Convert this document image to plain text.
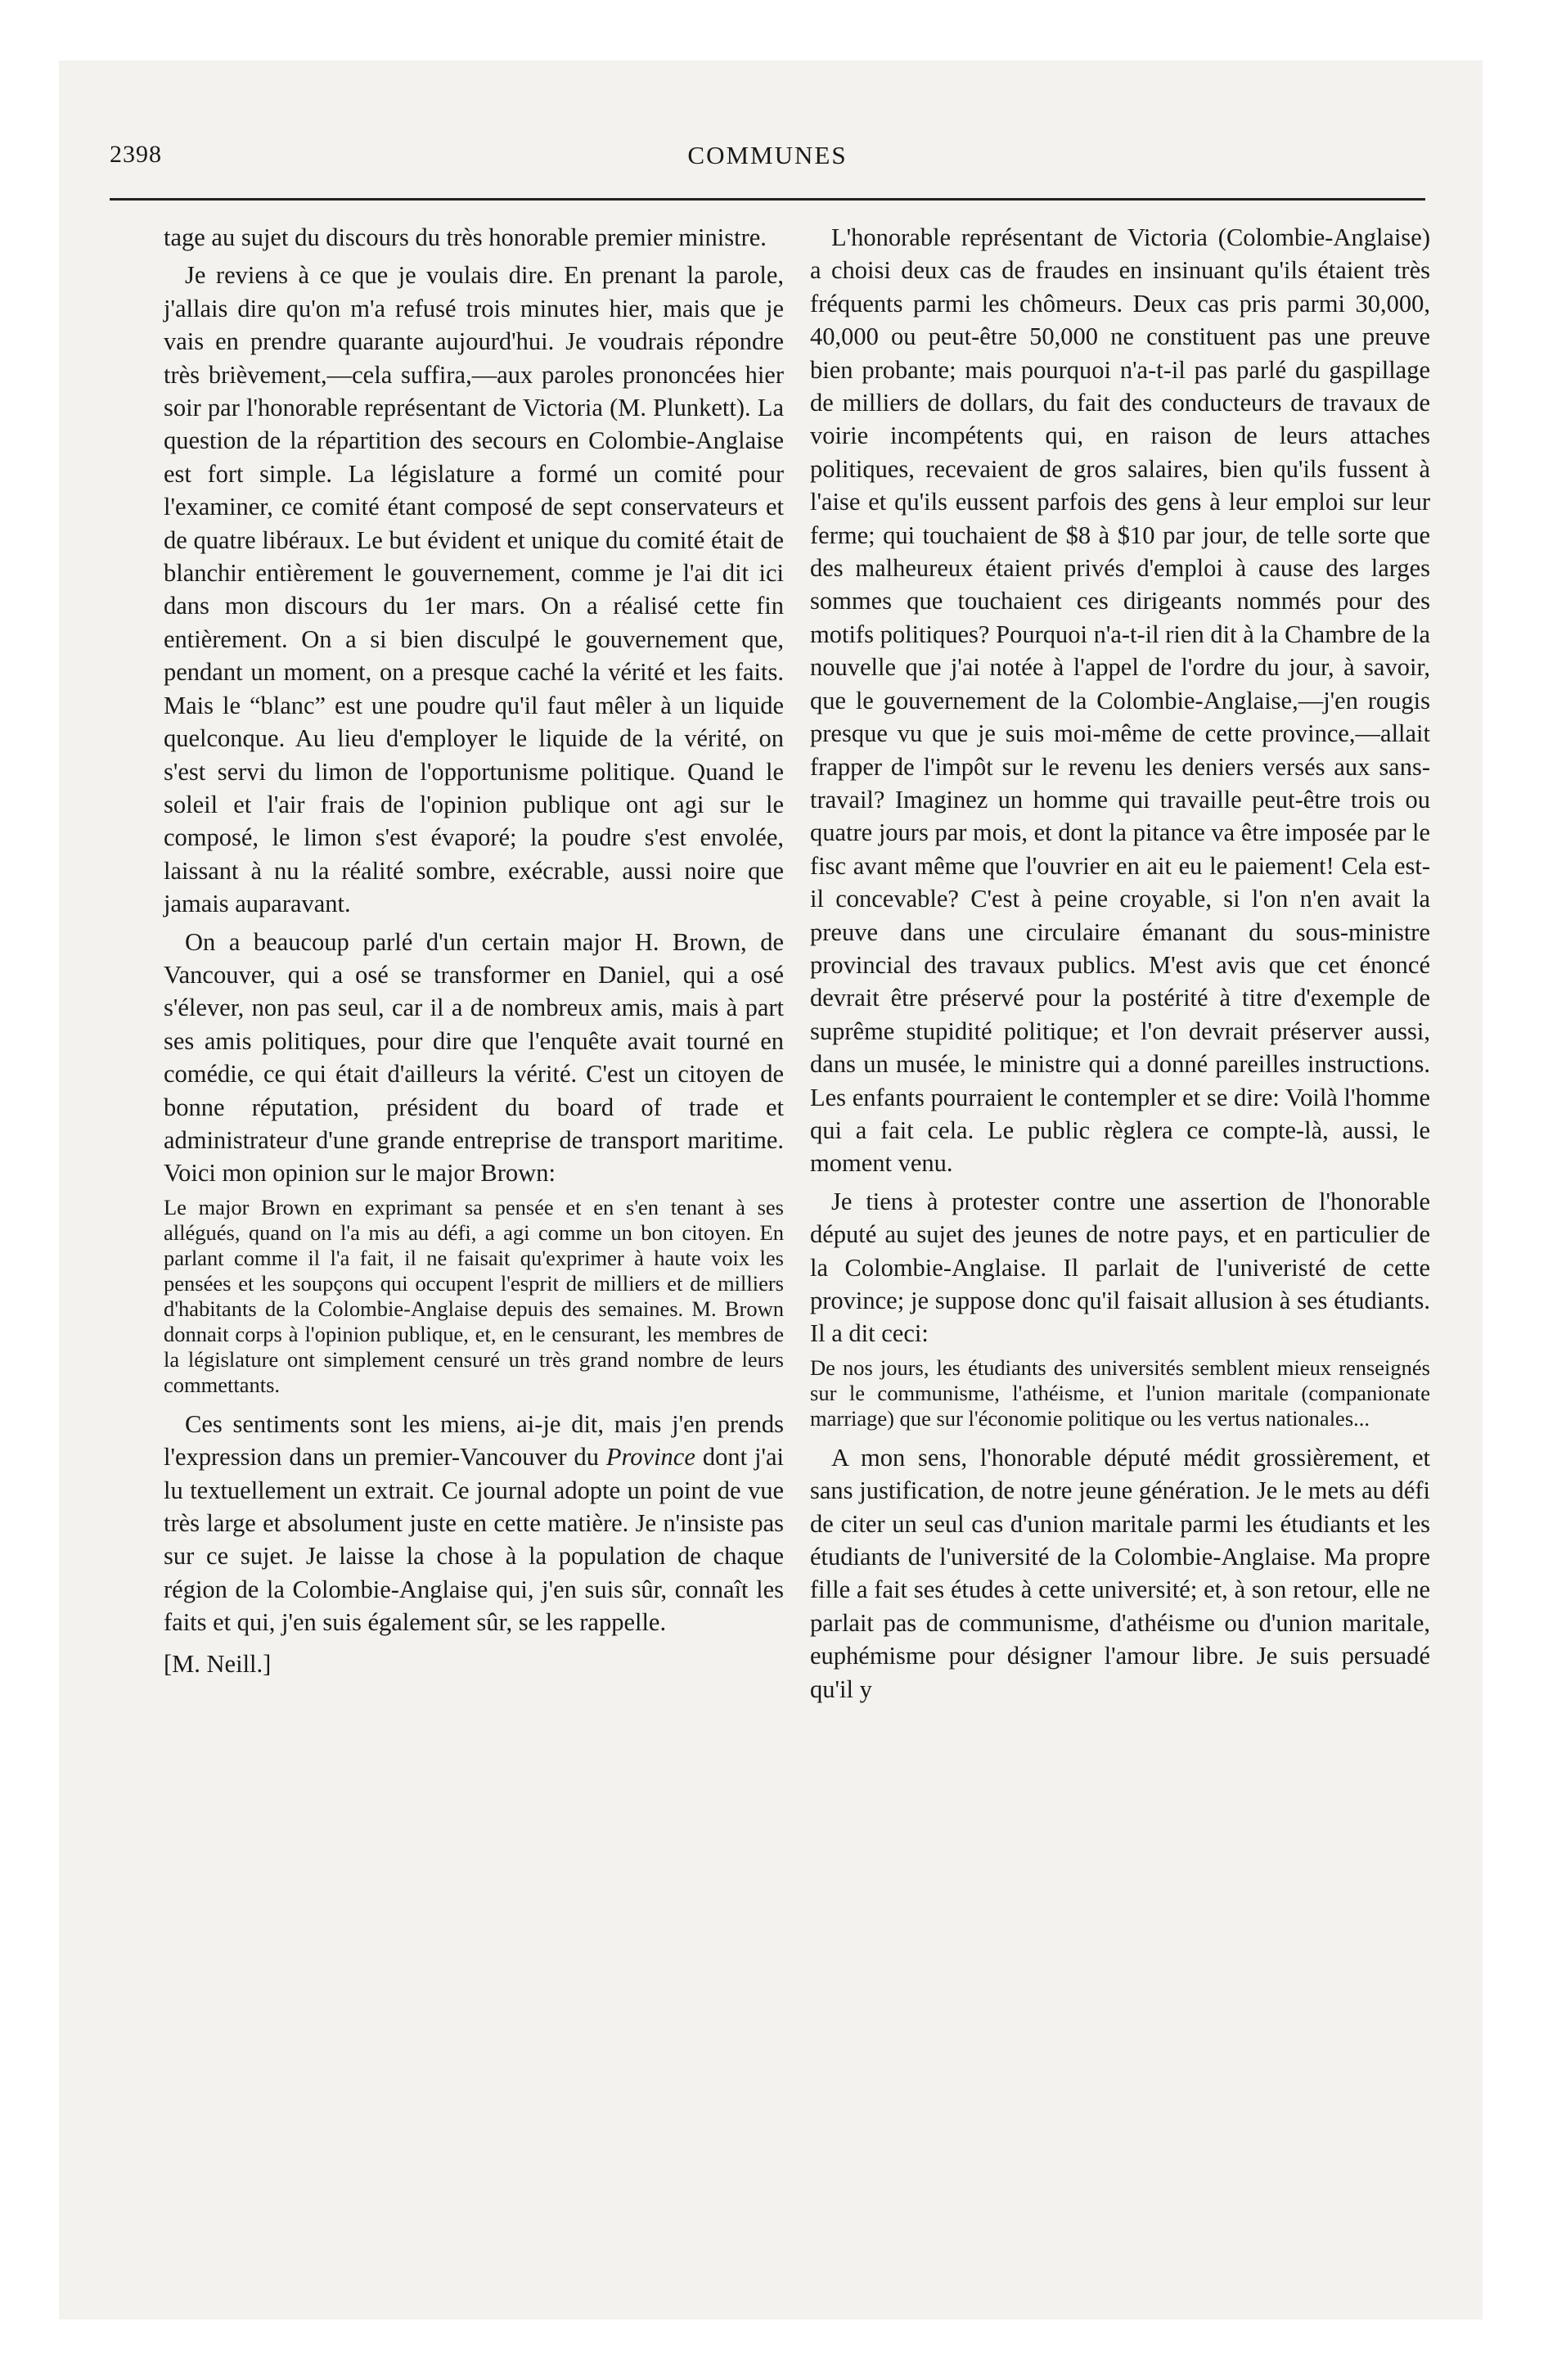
2398	COMMUNES

tage au sujet du discours du très honorable premier ministre.

Je reviens à ce que je voulais dire. En prenant la parole, j'allais dire qu'on m'a refusé trois minutes hier, mais que je vais en prendre quarante aujourd'hui. Je voudrais répondre très brièvement,—cela suffira,—aux paroles prononcées hier soir par l'honorable représentant de Victoria (M. Plunkett). La question de la répartition des secours en Colombie-Anglaise est fort simple. La législature a formé un comité pour l'examiner, ce comité étant composé de sept conservateurs et de quatre libéraux. Le but évident et unique du comité était de blanchir entièrement le gouvernement, comme je l'ai dit ici dans mon discours du 1er mars. On a réalisé cette fin entièrement. On a si bien disculpé le gouvernement que, pendant un moment, on a presque caché la vérité et les faits. Mais le “blanc” est une poudre qu'il faut mêler à un liquide quelconque. Au lieu d'employer le liquide de la vérité, on s'est servi du limon de l'opportunisme politique. Quand le soleil et l'air frais de l'opinion publique ont agi sur le composé, le limon s'est évaporé; la poudre s'est envolée, laissant à nu la réalité sombre, exécrable, aussi noire que jamais auparavant.

On a beaucoup parlé d'un certain major H. Brown, de Vancouver, qui a osé se transformer en Daniel, qui a osé s'élever, non pas seul, car il a de nombreux amis, mais à part ses amis politiques, pour dire que l'enquête avait tourné en comédie, ce qui était d'ailleurs la vérité. C'est un citoyen de bonne réputation, président du board of trade et administrateur d'une grande entreprise de transport maritime. Voici mon opinion sur le major Brown:

Le major Brown en exprimant sa pensée et en s'en tenant à ses allégués, quand on l'a mis au défi, a agi comme un bon citoyen. En parlant comme il l'a fait, il ne faisait qu'exprimer à haute voix les pensées et les soupçons qui occupent l'esprit de milliers et de milliers d'habitants de la Colombie-Anglaise depuis des semaines. M. Brown donnait corps à l'opinion publique, et, en le censurant, les membres de la législature ont simplement censuré un très grand nombre de leurs commettants.

Ces sentiments sont les miens, ai-je dit, mais j'en prends l'expression dans un premier-Vancouver du Province dont j'ai lu textuellement un extrait. Ce journal adopte un point de vue très large et absolument juste en cette matière. Je n'insiste pas sur ce sujet. Je laisse la chose à la population de chaque région de la Colombie-Anglaise qui, j'en suis sûr, connaît les faits et qui, j'en suis également sûr, se les rappelle.

[M. Neill.]

L'honorable représentant de Victoria (Colombie-Anglaise) a choisi deux cas de fraudes en insinuant qu'ils étaient très fréquents parmi les chômeurs. Deux cas pris parmi 30,000, 40,000 ou peut-être 50,000 ne constituent pas une preuve bien probante; mais pourquoi n'a-t-il pas parlé du gaspillage de milliers de dollars, du fait des conducteurs de travaux de voirie incompétents qui, en raison de leurs attaches politiques, recevaient de gros salaires, bien qu'ils fussent à l'aise et qu'ils eussent parfois des gens à leur emploi sur leur ferme; qui touchaient de $8 à $10 par jour, de telle sorte que des malheureux étaient privés d'emploi à cause des larges sommes que touchaient ces dirigeants nommés pour des motifs politiques? Pourquoi n'a-t-il rien dit à la Chambre de la nouvelle que j'ai notée à l'appel de l'ordre du jour, à savoir, que le gouvernement de la Colombie-Anglaise,—j'en rougis presque vu que je suis moi-même de cette province,—allait frapper de l'impôt sur le revenu les deniers versés aux sans-travail? Imaginez un homme qui travaille peut-être trois ou quatre jours par mois, et dont la pitance va être imposée par le fisc avant même que l'ouvrier en ait eu le paiement! Cela est-il concevable? C'est à peine croyable, si l'on n'en avait la preuve dans une circulaire émanant du sous-ministre provincial des travaux publics. M'est avis que cet énoncé devrait être préservé pour la postérité à titre d'exemple de suprême stupidité politique; et l'on devrait préserver aussi, dans un musée, le ministre qui a donné pareilles instructions. Les enfants pourraient le contempler et se dire: Voilà l'homme qui a fait cela. Le public règlera ce compte-là, aussi, le moment venu.

Je tiens à protester contre une assertion de l'honorable député au sujet des jeunes de notre pays, et en particulier de la Colombie-Anglaise. Il parlait de l'univeristé de cette province; je suppose donc qu'il faisait allusion à ses étudiants. Il a dit ceci:

De nos jours, les étudiants des universités semblent mieux renseignés sur le communisme, l'athéisme, et l'union maritale (companionate marriage) que sur l'économie politique ou les vertus nationales...

A mon sens, l'honorable député médit grossièrement, et sans justification, de notre jeune génération. Je le mets au défi de citer un seul cas d'union maritale parmi les étudiants et les étudiants de l'université de la Colombie-Anglaise. Ma propre fille a fait ses études à cette université; et, à son retour, elle ne parlait pas de communisme, d'athéisme ou d'union maritale, euphémisme pour désigner l'amour libre. Je suis persuadé qu'il y
